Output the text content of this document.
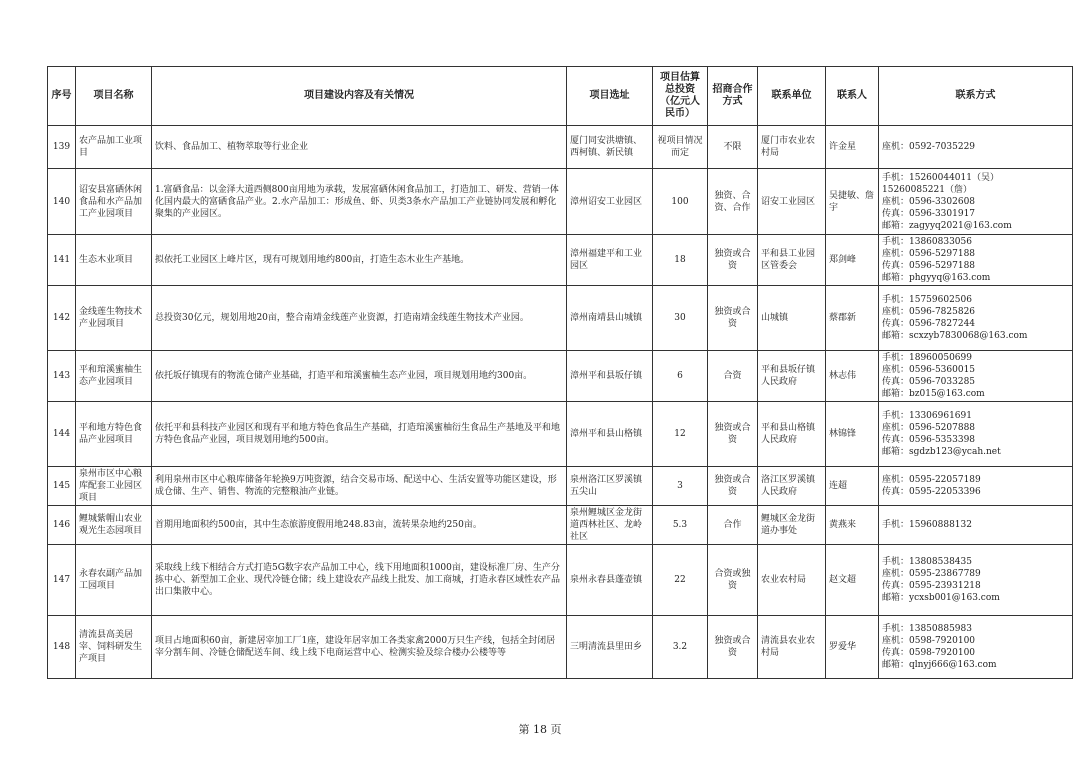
序号	项目名称	项目建设内容及有关情况	项目选址	项目估算总投资（亿元人民币）	招商合作方式	联系单位	联系人	联系方式
139	农产品加工业项目	饮料、食品加工、植物萃取等行业企业	厦门同安洪塘镇、西柯镇、新民镇	视项目情况而定	不限	厦门市农业农村局	许金星	座机：0592-7035229
140	诏安县富硒休闲食品和水产品加工产业园项目	1.富硒食品：以金泽大道西侧800亩用地为承载，发展富硒休闲食品加工，打造加工、研发、营销一体化国内最大的富硒食品产业。2.水产品加工：形成鱼、虾、贝类3条水产品加工产业链协同发展和孵化聚集的产业园区。	漳州诏安工业园区	100	独资、合资、合作	诏安工业园区	吴捷敏、詹宇	手机：15260044011（吴）
15260085221（詹）
座机：0596-3302608
传真：0596-3301917
邮箱：zagyyq2021@163.com
141	生态木业项目	拟依托工业园区上峰片区，现有可规划用地约800亩，打造生态木业生产基地。	漳州福建平和工业园区	18	独资或合资	平和县工业园区管委会	郑剑峰	手机：13860833056
座机：0596-5297188
传真：0596-5297188
邮箱：phgyyq@163.com
142	金线莲生物技术产业园项目	总投资30亿元，规划用地20亩，整合南靖金线莲产业资源，打造南靖金线莲生物技术产业园。	漳州南靖县山城镇	30	独资或合资	山城镇	蔡郡新	手机：15759602506
座机：0596-7825826
传真：0596-7827244
邮箱：scxzyb7830068@163.com
143	平和琯溪蜜柚生态产业园项目	依托坂仔镇现有的物流仓储产业基础，打造平和琯溪蜜柚生态产业园，项目规划用地约300亩。	漳州平和县坂仔镇	6	合资	平和县坂仔镇人民政府	林志伟	手机：18960050699
座机：0596-5360015
传真：0596-7033285
邮箱：bz015@163.com
144	平和地方特色食品产业园项目	依托平和县科技产业园区和现有平和地方特色食品生产基础，打造琯溪蜜柚衍生食品生产基地及平和地方特色食品产业园，项目规划用地约500亩。	漳州平和县山格镇	12	独资或合资	平和县山格镇人民政府	林锦锋	手机：13306961691
座机：0596-5207888
传真：0596-5353398
邮箱：sgdzb123@ycah.net
145	泉州市区中心粮库配套工业园区项目	利用泉州市区中心粮库储备年轮换9万吨资源，结合交易市场、配送中心、生活安置等功能区建设，形成仓储、生产、销售、物流的完整粮油产业链。	泉州洛江区罗溪镇五尖山	3	独资或合资	洛江区罗溪镇人民政府	连超	座机：0595-22057189
传真：0595-22053396
146	鲤城紫帽山农业观光生态园项目	首期用地面积约500亩，其中生态旅游度假用地248.83亩，流转果杂地约250亩。	泉州鲤城区金龙街道西林社区、龙岭社区	5.3	合作	鲤城区金龙街道办事处	黄燕来	手机：15960888132
147	永春农副产品加工园项目	采取线上线下相结合方式打造5G数字农产品加工中心，线下用地面积1000亩，建设标准厂房、生产分拣中心、新型加工企业、现代冷链仓储；线上建设农产品线上批发、加工商城，打造永春区域性农产品出口集散中心。	泉州永春县蓬壶镇	22	合资或独资	农业农村局	赵文超	手机：13808538435
座机：0595-23867789
传真：0595-23931218
邮箱：ycxsb001@163.com
148	清流县高美居宰、饲料研发生产项目	项目占地面积60亩，新建居宰加工厂1座，建设年居宰加工各类家禽2000万只生产线，包括全封闭居宰分割车间、冷链仓储配送车间、线上线下电商运营中心、检测实验及综合楼办公楼等等	三明清流县里田乡	3.2	独资或合资	清流县农业农村局	罗爱华	手机：13850885983
座机：0598-7920100
传真：0598-7920100
邮箱：qlnyj666@163.com
第 18 页
